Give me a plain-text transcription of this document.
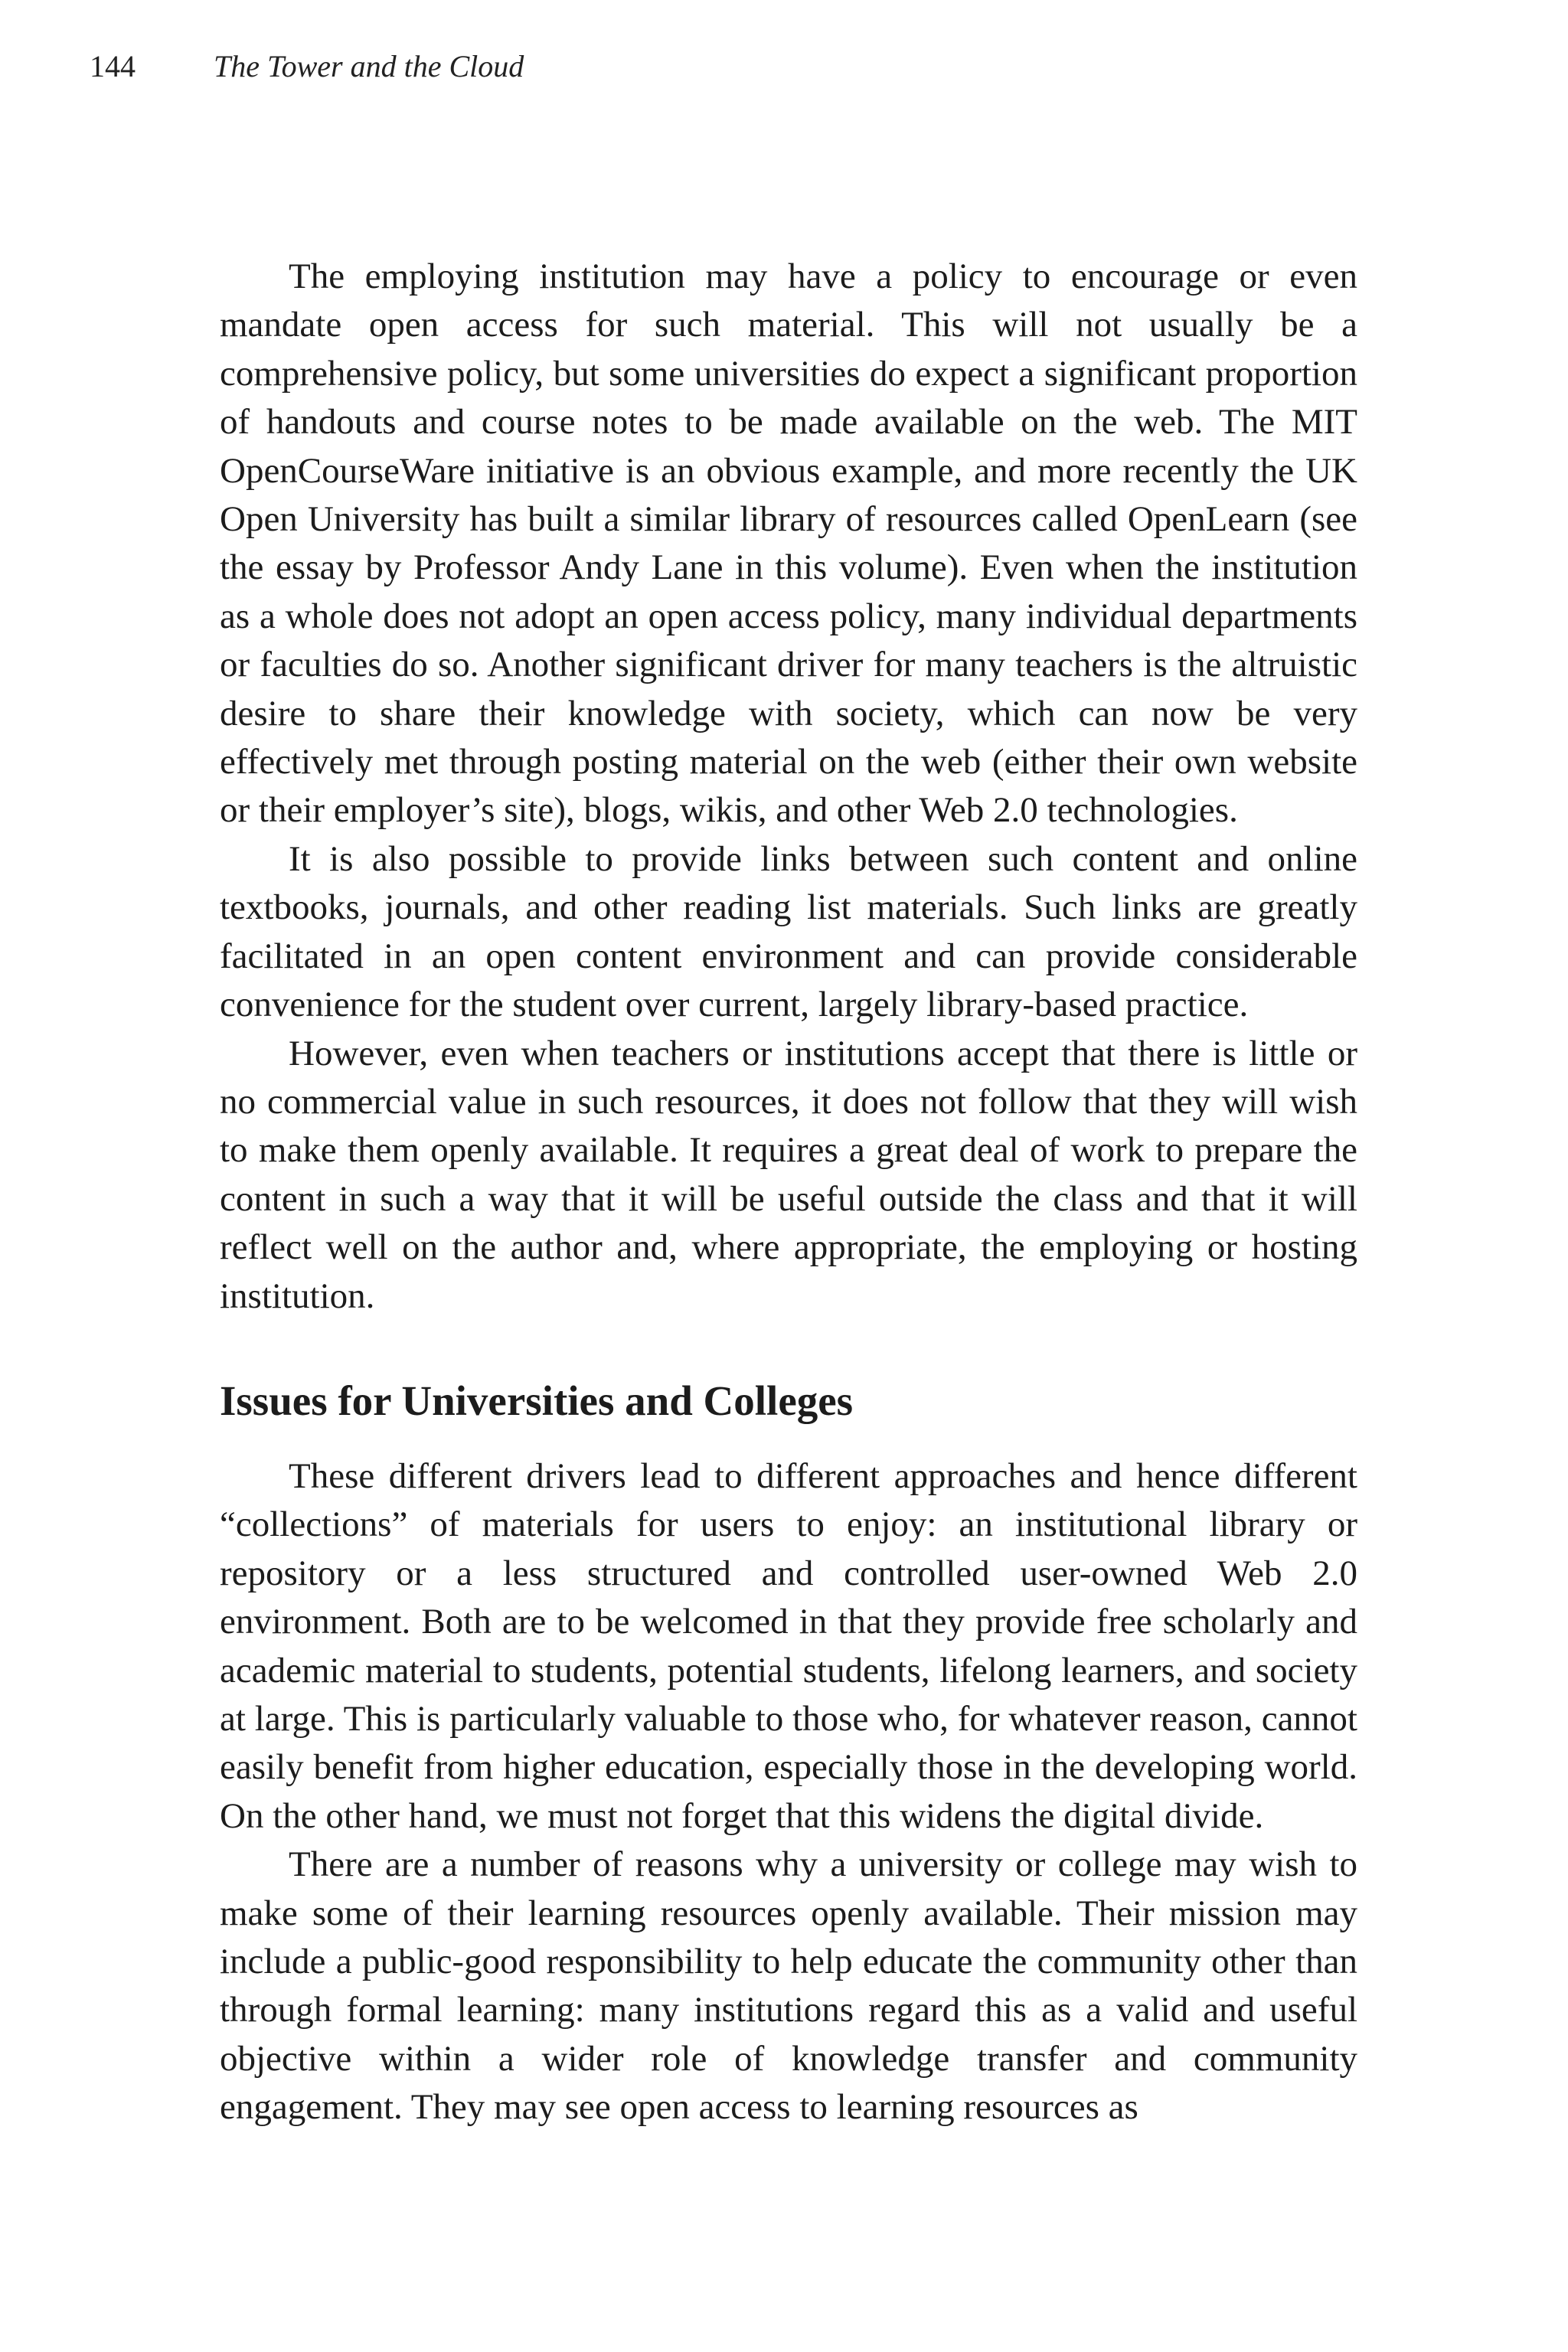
144	The Tower and the Cloud

The employing institution may have a policy to encourage or even mandate open access for such material. This will not usually be a comprehensive policy, but some universities do expect a significant proportion of handouts and course notes to be made available on the web. The MIT OpenCourseWare initiative is an obvious example, and more recently the UK Open University has built a similar library of resources called OpenLearn (see the essay by Professor Andy Lane in this volume). Even when the institution as a whole does not adopt an open access policy, many individual departments or faculties do so. Another significant driver for many teachers is the altruistic desire to share their knowledge with society, which can now be very effectively met through posting material on the web (either their own website or their employer’s site), blogs, wikis, and other Web 2.0 technologies.

It is also possible to provide links between such content and online textbooks, journals, and other reading list materials. Such links are greatly facilitated in an open content environment and can provide considerable convenience for the student over current, largely library-based practice.

However, even when teachers or institutions accept that there is little or no commercial value in such resources, it does not follow that they will wish to make them openly available. It requires a great deal of work to prepare the content in such a way that it will be useful outside the class and that it will reflect well on the author and, where appropriate, the employing or hosting institution.

Issues for Universities and Colleges

These different drivers lead to different approaches and hence different “collections” of materials for users to enjoy: an institutional library or repository or a less structured and controlled user-owned Web 2.0 environment. Both are to be welcomed in that they provide free scholarly and academic material to students, potential students, lifelong learners, and society at large. This is particularly valuable to those who, for whatever reason, cannot easily benefit from higher education, especially those in the developing world. On the other hand, we must not forget that this widens the digital divide.

There are a number of reasons why a university or college may wish to make some of their learning resources openly available. Their mission may include a public-good responsibility to help educate the community other than through formal learning: many institutions regard this as a valid and useful objective within a wider role of knowledge transfer and community engagement. They may see open access to learning resources as
